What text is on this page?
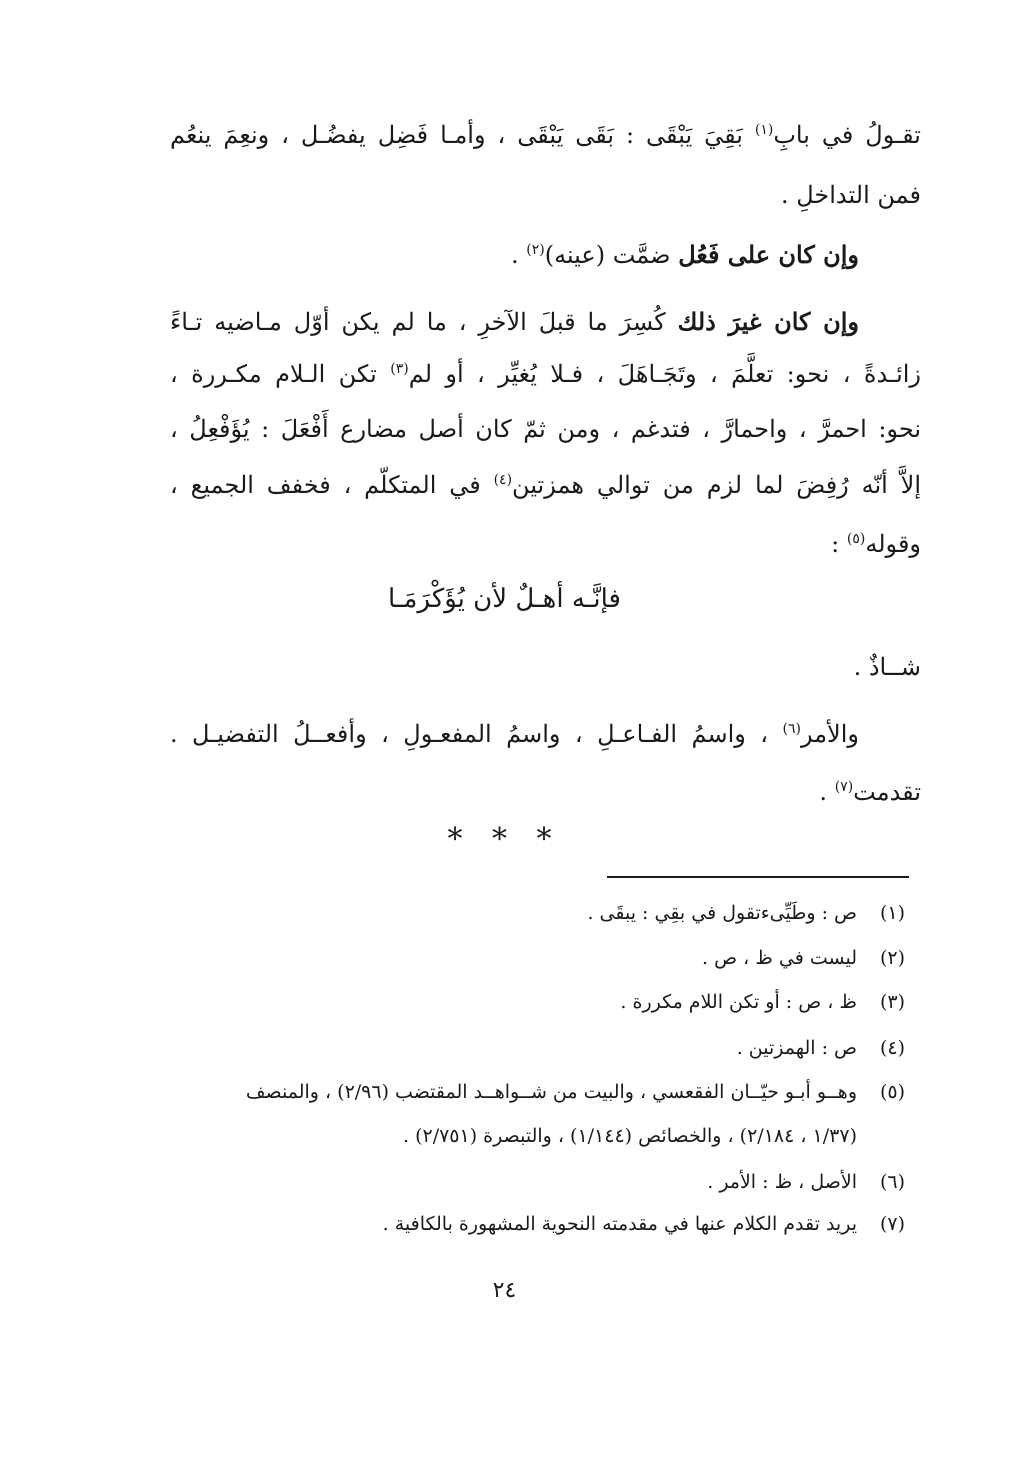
تقـولُ في بابِ$^{(١)}$ بَقِيَ يَبْقَى : بَقَى يَبْقَى ، وأمـا فَضِل يفضُـل ، ونعِمَ ينعُم
فمن التداخلِ .
وإن كان على فَعُل ضمَّت (عينه)$^{(٢)}$ .
وإن كان غيرَ ذلك كُسِرَ ما قبلَ الآخرِ ، ما لم يكن أوّل مـاضيه تـاءً
زائـدةً ، نحو: تعلَّمَ ، وتَجَـاهَلَ ، فـلا يُغيِّر ، أو لم$^{(٣)}$ تكن الـلام مكـررة ،
نحو: احمرَّ ، واحمارَّ ، فتدغم ، ومن ثمّ كان أصل مضارع أَفْعَلَ : يُؤَفْعِلُ ،
إلاَّ أنّه رُفِضَ لما لزم من توالي همزتين$^{(٤)}$ في المتكلّم ، فخفف الجميع ،
وقوله$^{(٥)}$ :
فإنَّـه أهـلٌ لأن يُؤَكْرَمَـا
شــاذٌ .
والأمر$^{(٦)}$ ، واسمُ الفـاعـلِ ، واسمُ المفعـولِ ، وأفعــلُ التفضيـل .
تقدمت$^{(٧)}$ .
* * *
(١)ص : وطَيِّىءتقول في بقِي : يبقَى .
(٢)ليست في ظ ، ص .
(٣)ظ ، ص : أو تكن اللام مكررة .
(٤)ص : الهمزتين .
(٥)وهــو أبـو حيّــان الفقعسي ، والبيت من شــواهــد المقتضب (٢/٩٦) ، والمنصف
(١/٣٧ ، ٢/١٨٤) ، والخصائص (١/١٤٤) ، والتبصرة (٢/٧٥١) .
(٦)الأصل ، ظ : الأمر .
(٧)يريد تقدم الكلام عنها في مقدمته النحوية المشهورة بالكافية .
٢٤
